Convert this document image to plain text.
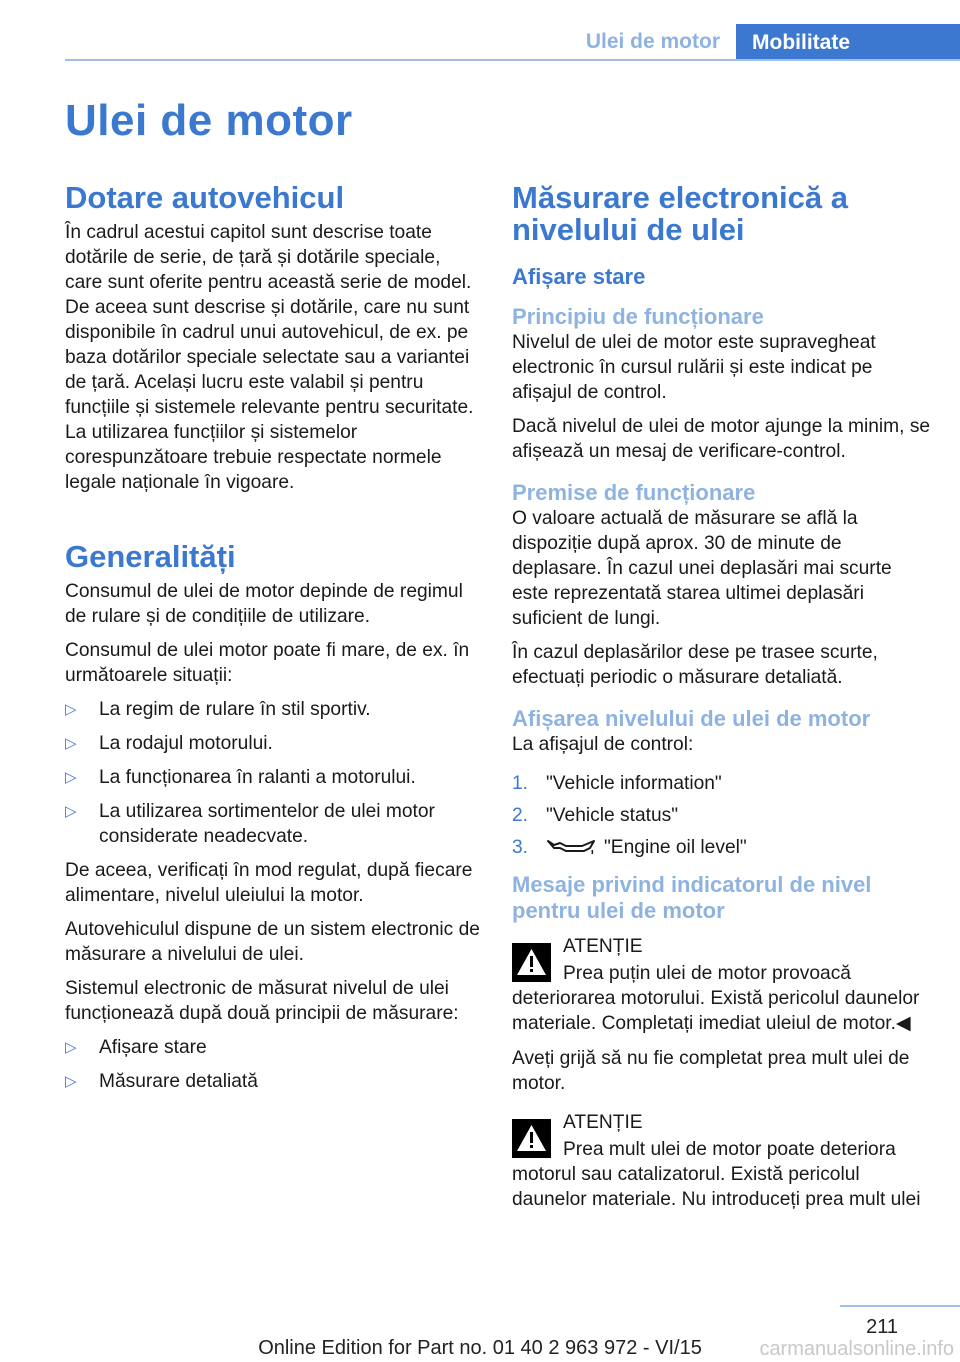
Ulei de motor	Mobilitate
Ulei de motor
Dotare autovehicul

În cadrul acestui capitol sunt descrise toate dotările de serie, de țară și dotările speciale, care sunt oferite pentru această serie de model. De aceea sunt descrise și dotările, care nu sunt disponibile în cadrul unui autovehicul, de ex. pe baza dotărilor speciale selectate sau a variantei de țară. Același lucru este valabil și pentru funcțiile și sistemele relevante pentru securitate. La utilizarea funcțiilor și sistemelor corespunzătoare trebuie respectate normele legale naționale în vigoare.

Generalități

Consumul de ulei de motor depinde de regimul de rulare și de condițiile de utilizare.

Consumul de ulei motor poate fi mare, de ex. în următoarele situații:

▷ La regim de rulare în stil sportiv.
▷ La rodajul motorului.
▷ La funcționarea în ralanti a motorului.
▷ La utilizarea sortimentelor de ulei motor considerate neadecvate.

De aceea, verificați în mod regulat, după fiecare alimentare, nivelul uleiului la motor.

Autovehiculul dispune de un sistem electronic de măsurare a nivelului de ulei.

Sistemul electronic de măsurat nivelul de ulei funcționează după două principii de măsurare:

▷ Afișare stare
▷ Măsurare detaliată
Măsurare electronică a nivelului de ulei
Afișare stare
Principiu de funcționare

Nivelul de ulei de motor este supravegheat electronic în cursul rulării și este indicat pe afișajul de control.

Dacă nivelul de ulei de motor ajunge la minim, se afișează un mesaj de verificare-control.

Premise de funcționare

O valoare actuală de măsurare se află la dispoziție după aprox. 30 de minute de deplasare. În cazul unei deplasări mai scurte este reprezentată starea ultimei deplasări suficient de lungi.

În cazul deplasărilor dese pe trasee scurte, efectuați periodic o măsurare detaliată.

Afișarea nivelului de ulei de motor

La afișajul de control:

1. "Vehicle information"
2. "Vehicle status"
3.	"Engine oil level"
Mesaje privind indicatorul de nivel pentru ulei de motor
ATENȚIE
Prea puțin ulei de motor provoacă deteriorarea motorului. Există pericolul daunelor materiale. Completați imediat uleiul de motor.◀

Aveți grijă să nu fie completat prea mult ulei de motor.

ATENȚIE
Prea mult ulei de motor poate deteriora motorul sau catalizatorul. Există pericolul daunelor materiale. Nu introduceți prea mult ulei
211
Online Edition for Part no. 01 40 2 963 972 - VI/15	carmanualsonline.info
